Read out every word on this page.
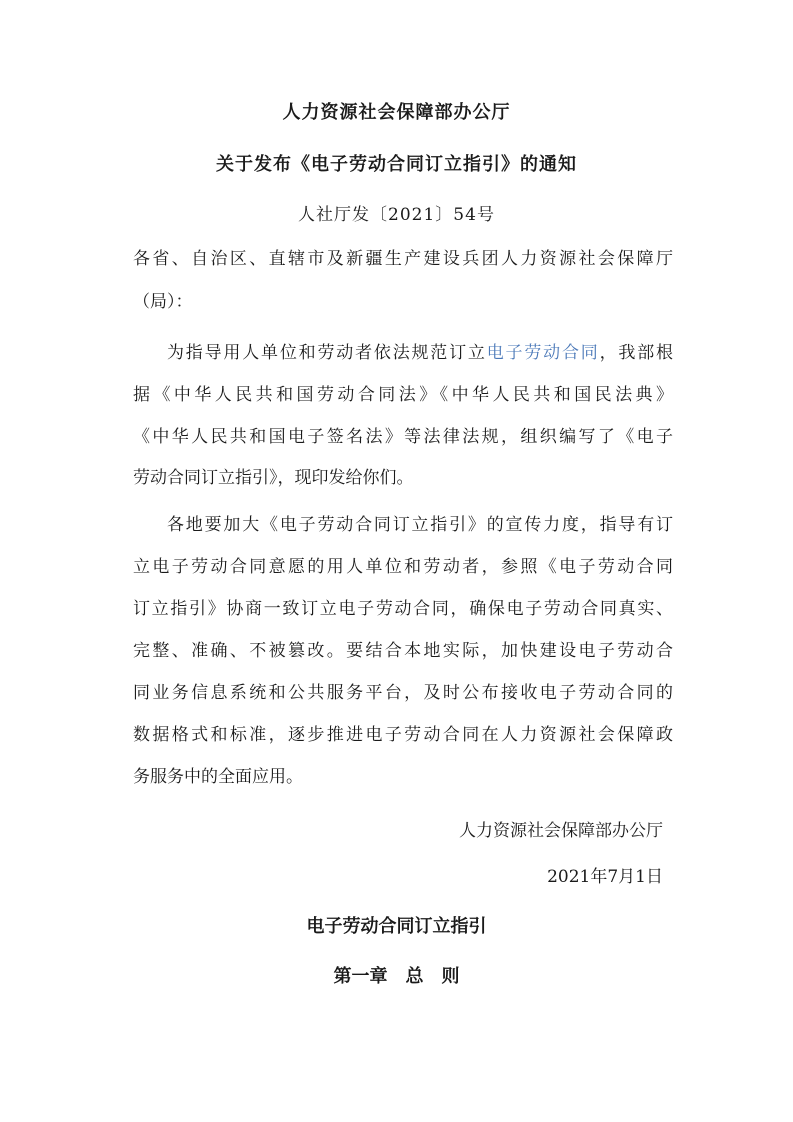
人力资源社会保障部办公厅
关于发布《电子劳动合同订立指引》的通知
人社厅发〔2021〕54号
各省、自治区、直辖市及新疆生产建设兵团人力资源社会保障厅
（局）：
为指导用人单位和劳动者依法规范订立电子劳动合同，我部根
据《中华人民共和国劳动合同法》《中华人民共和国民法典》
《中华人民共和国电子签名法》等法律法规，组织编写了《电子
劳动合同订立指引》，现印发给你们。
各地要加大《电子劳动合同订立指引》的宣传力度，指导有订
立电子劳动合同意愿的用人单位和劳动者，参照《电子劳动合同
订立指引》协商一致订立电子劳动合同，确保电子劳动合同真实、
完整、准确、不被篡改。要结合本地实际，加快建设电子劳动合
同业务信息系统和公共服务平台，及时公布接收电子劳动合同的
数据格式和标准，逐步推进电子劳动合同在人力资源社会保障政
务服务中的全面应用。
人力资源社会保障部办公厅
2021年7月1日
电子劳动合同订立指引
第一章　总　则
